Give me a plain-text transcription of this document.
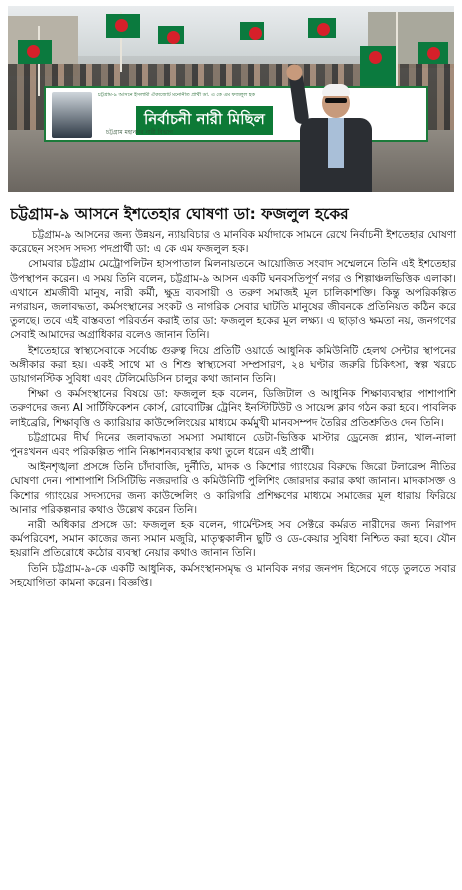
চট্টগ্রাম-৯ আসনে ইসলামী ঐক্যজোট মনোনীত প্রার্থী ডা. এ কে এম ফজলুল হক
নির্বাচনী নারী মিছিল
চট্টগ্রাম মহানগর নারী বিভাগ
চট্টগ্রাম-৯ আসনে ইশতেহার ঘোষণা ডা: ফজলুল হকের

চট্টগ্রাম-৯ আসনের জন্য উন্নয়ন, ন্যায়বিচার ও মানবিক মর্যাদাকে সামনে রেখে নির্বাচনী ইশতেহার ঘোষণা করেছেন সংসদ সদস্য পদপ্রার্থী ডা: এ কে এম ফজলুল হক।

সোমবার চট্টগ্রাম মেট্রোপলিটন হাসপাতাল মিলনায়তনে আয়োজিত সংবাদ সম্মেলনে তিনি এই ইশতেহার উপস্থাপন করেন। এ সময় তিনি বলেন, চট্টগ্রাম-৯ আসন একটি ঘনবসতিপূর্ণ নগর ও শিল্পাঞ্চলভিত্তিক এলাকা। এখানে শ্রমজীবী মানুষ, নারী কর্মী, ক্ষুদ্র ব্যবসায়ী ও তরুণ সমাজই মূল চালিকাশক্তি। কিন্তু অপরিকল্পিত নগরায়ন, জলাবদ্ধতা, কর্মসংস্থানের সংকট ও নাগরিক সেবার ঘাটতি মানুষের জীবনকে প্রতিনিয়ত কঠিন করে তুলছে। তবে এই বাস্তবতা পরিবর্তন করাই তার ডা: ফজলুল হকের মূল লক্ষ্য। এ ছাড়াও ক্ষমতা নয়, জনগণের সেবাই আমাদের অগ্রাধিকার বলেও জানান তিনি।

ইশতেহারে স্বাস্থ্যসেবাকে সর্বোচ্চ গুরুত্ব দিয়ে প্রতিটি ওয়ার্ডে আধুনিক কমিউনিটি হেলথ সেন্টার স্থাপনের অঙ্গীকার করা হয়। একই সাথে মা ও শিশু স্বাস্থ্যসেবা সম্প্রসারণ, ২৪ ঘণ্টার জরুরি চিকিৎসা, স্বল্প খরচে ডায়াগনস্টিক সুবিধা এবং টেলিমেডিসিন চালুর কথা জানান তিনি।

শিক্ষা ও কর্মসংস্থানের বিষয়ে ডা: ফজলুল হক বলেন, ডিজিটাল ও আধুনিক শিক্ষাব্যবস্থার পাশাপাশি তরুণদের জন্য AI সার্টিফিকেশন কোর্স, রোবোটিক্স ট্রেনিং ইনস্টিটিউট ও সায়েন্স ক্লাব গঠন করা হবে। পাবলিক লাইব্রেরি, শিক্ষাবৃত্তি ও ক্যারিয়ার কাউন্সেলিংয়ের মাধ্যমে কর্মমুখী মানবসম্পদ তৈরির প্রতিশ্রুতিও দেন তিনি।

চট্টগ্রামের দীর্ঘ দিনের জলাবদ্ধতা সমস্যা সমাধানে ডেটা-ভিত্তিক মাস্টার ড্রেনেজ প্ল্যান, খাল-নালা পুনঃখনন এবং পরিকল্পিত পানি নিষ্কাশনব্যবস্থার কথা তুলে ধরেন এই প্রার্থী।

আইনশৃঙ্খলা প্রসঙ্গে তিনি চাঁদাবাজি, দুর্নীতি, মাদক ও কিশোর গ্যাংয়ের বিরুদ্ধে জিরো টলারেন্স নীতির ঘোষণা দেন। পাশাপাশি সিসিটিভি নজরদারি ও কমিউনিটি পুলিশিং জোরদার করার কথা জানান। মাদকাসক্ত ও কিশোর গ্যাংয়ের সদস্যদের জন্য কাউন্সেলিং ও কারিগরি প্রশিক্ষণের মাধ্যমে সমাজের মূল ধারায় ফিরিয়ে আনার পরিকল্পনার কথাও উল্লেখ করেন তিনি।

নারী অধিকার প্রসঙ্গে ডা: ফজলুল হক বলেন, গার্মেন্টসহ সব সেক্টরে কর্মরত নারীদের জন্য নিরাপদ কর্মপরিবেশ, সমান কাজের জন্য সমান মজুরি, মাতৃত্বকালীন ছুটি ও ডে-কেয়ার সুবিধা নিশ্চিত করা হবে। যৌন হয়রানি প্রতিরোধে কঠোর ব্যবস্থা নেয়ার কথাও জানান তিনি।

তিনি চট্টগ্রাম-৯-কে একটি আধুনিক, কর্মসংস্থানসমৃদ্ধ ও মানবিক নগর জনপদ হিসেবে গড়ে তুলতে সবার সহযোগিতা কামনা করেন। বিজ্ঞপ্তি।
